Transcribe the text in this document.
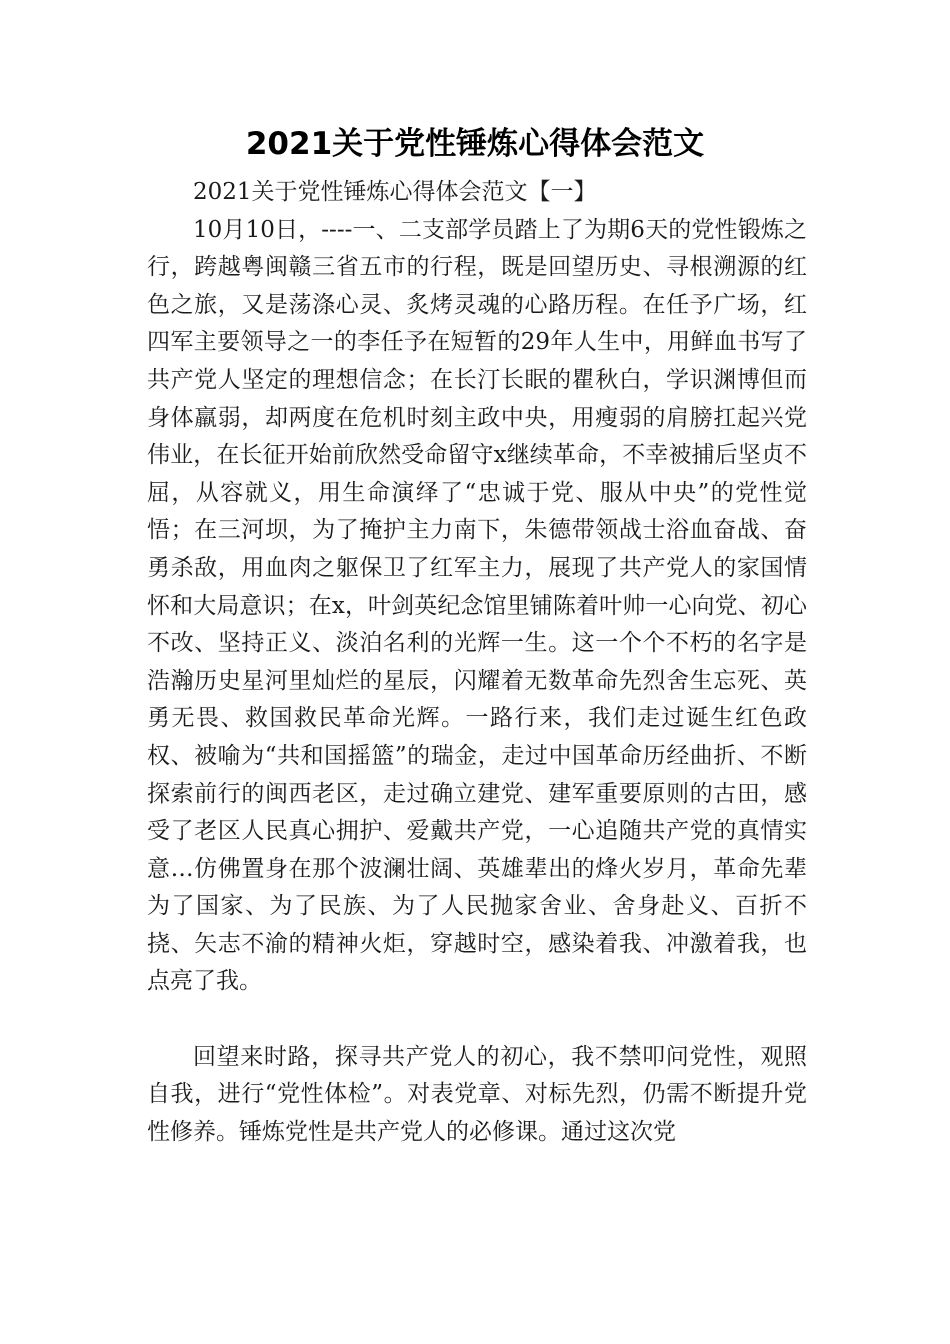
2021关于党性锤炼心得体会范文

2021关于党性锤炼心得体会范文【一】

10月10日，----一、二支部学员踏上了为期6天的党性锻炼之行，跨越粤闽赣三省五市的行程，既是回望历史、寻根溯源的红色之旅，又是荡涤心灵、炙烤灵魂的心路历程。在任予广场，红四军主要领导之一的李任予在短暂的29年人生中，用鲜血书写了共产党人坚定的理想信念；在长汀长眠的瞿秋白，学识渊博但而身体羸弱，却两度在危机时刻主政中央，用瘦弱的肩膀扛起兴党伟业，在长征开始前欣然受命留守x继续革命，不幸被捕后坚贞不屈，从容就义，用生命演绎了“忠诚于党、服从中央”的党性觉悟；在三河坝，为了掩护主力南下，朱德带领战士浴血奋战、奋勇杀敌，用血肉之躯保卫了红军主力，展现了共产党人的家国情怀和大局意识；在x，叶剑英纪念馆里铺陈着叶帅一心向党、初心不改、坚持正义、淡泊名利的光辉一生。这一个个不朽的名字是浩瀚历史星河里灿烂的星辰，闪耀着无数革命先烈舍生忘死、英勇无畏、救国救民革命光辉。一路行来，我们走过诞生红色政权、被喻为“共和国摇篮”的瑞金，走过中国革命历经曲折、不断探索前行的闽西老区，走过确立建党、建军重要原则的古田，感受了老区人民真心拥护、爱戴共产党，一心追随共产党的真情实意…仿佛置身在那个波澜壮阔、英雄辈出的烽火岁月，革命先辈为了国家、为了民族、为了人民抛家舍业、舍身赴义、百折不挠、矢志不渝的精神火炬，穿越时空，感染着我、冲激着我，也点亮了我。

回望来时路，探寻共产党人的初心，我不禁叩问党性，观照自我，进行“党性体检”。对表党章、对标先烈，仍需不断提升党性修养。锤炼党性是共产党人的必修课。通过这次党
